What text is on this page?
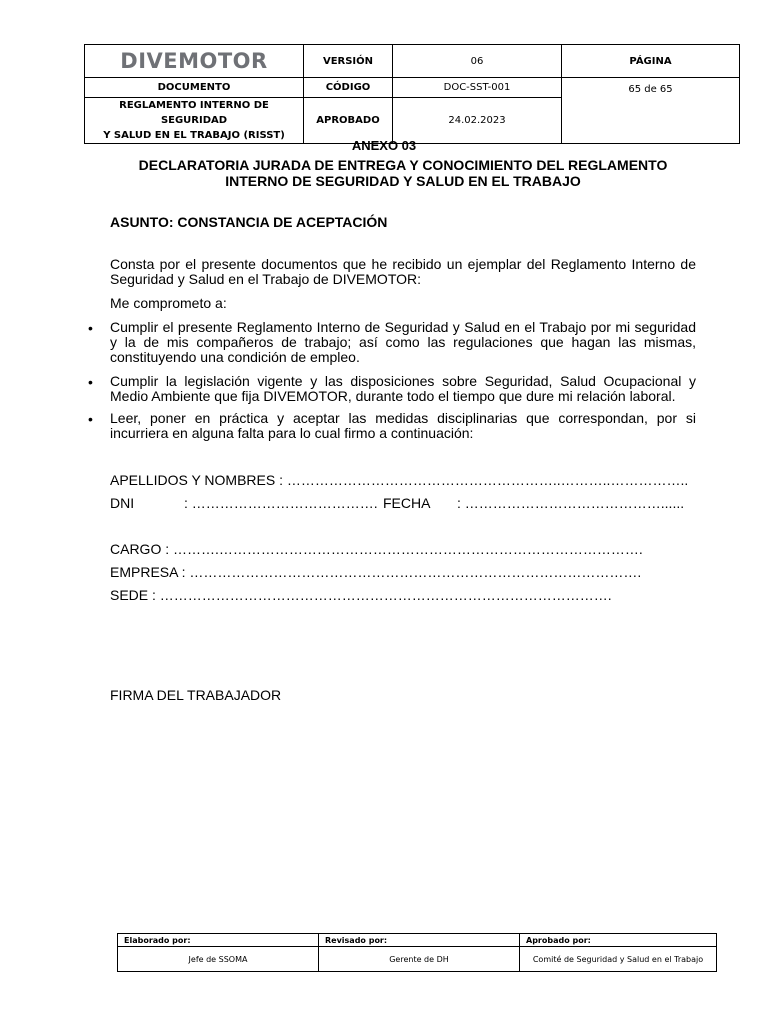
DIVEMOTOR	VERSIÓN	06	PÁGINA
DOCUMENTO	CÓDIGO	DOC-SST-001	65 de 65

REGLAMENTO INTERNO DE SEGURIDAD
Y SALUD EN EL TRABAJO (RISST)	APROBADO	24.02.2023	
ANEXO 03
DECLARATORIA JURADA DE ENTREGA Y CONOCIMIENTO DEL REGLAMENTO
INTERNO DE SEGURIDAD Y SALUD EN EL TRABAJO
ASUNTO: CONSTANCIA DE ACEPTACIÓN
Consta por el presente documentos que he recibido un ejemplar del Reglamento Interno de Seguridad y Salud en el Trabajo de DIVEMOTOR:
Me comprometo a:
• Cumplir el presente Reglamento Interno de Seguridad y Salud en el Trabajo por mi seguridad y la de mis compañeros de trabajo; así como las regulaciones que hagan las mismas, constituyendo una condición de empleo.
• Cumplir la legislación vigente y las disposiciones sobre Seguridad, Salud Ocupacional y Medio Ambiente que fija DIVEMOTOR, durante todo el tiempo que dure mi relación laboral.
• Leer, poner en práctica y aceptar las medidas disciplinarias que correspondan, por si incurriera en alguna falta para lo cual firmo a continuación:
APELLIDOS Y NOMBRES : …………………………………………………..………..……………..
DNI	: …………………………………. FECHA : ……………………………………......
CARGO : ……….……………………………………………………………………………….
EMPRESA : …………………………………………………………………………………….
SEDE : …………………………………………………………………………………….
FIRMA DEL TRABAJADOR
Elaborado por:	Revisado por:	Aprobado por:
Jefe de SSOMA	Gerente de DH	Comité de Seguridad y Salud en el Trabajo
